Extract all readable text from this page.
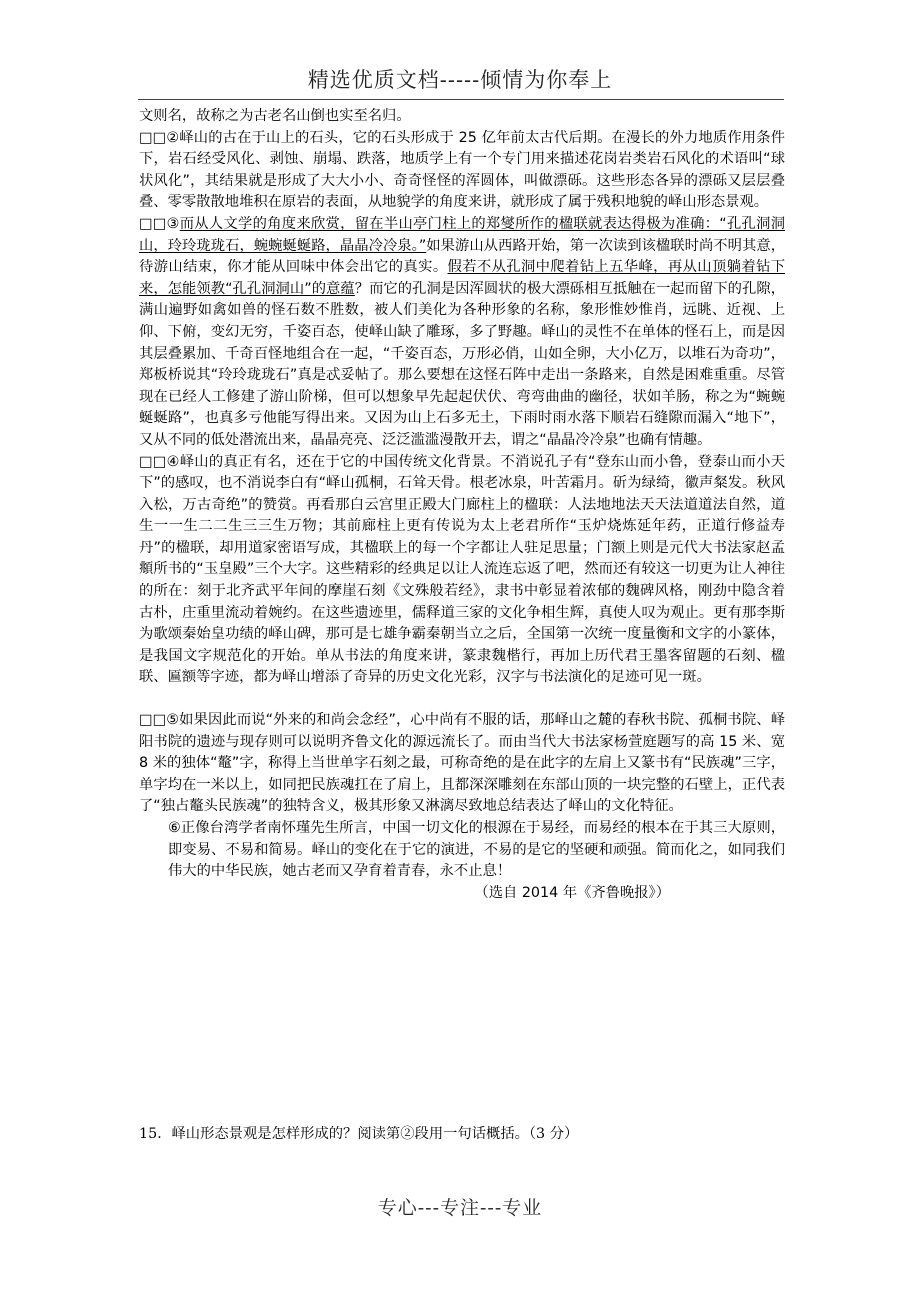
精选优质文档-----倾情为你奉上

文则名，故称之为古老名山倒也实至名归。

□□②峄山的古在于山上的石头，它的石头形成于 25 亿年前太古代后期。在漫长的外力地质作用条件下，岩石经受风化、剥蚀、崩塌、跌落，地质学上有一个专门用来描述花岗岩类岩石风化的术语叫“球状风化”，其结果就是形成了大大小小、奇奇怪怪的浑圆体，叫做漂砾。这些形态各异的漂砾又层层叠叠、零零散散地堆积在原岩的表面，从地貌学的角度来讲，就形成了属于残积地貌的峄山形态景观。

□□③而从人文学的角度来欣赏，留在半山亭门柱上的郑燮所作的楹联就表达得极为准确：“孔孔洞洞山，玲玲珑珑石，蜿蜿蜒蜒路，晶晶冷冷泉。”如果游山从西路开始，第一次读到该楹联时尚不明其意，待游山结束，你才能从回味中体会出它的真实。假若不从孔洞中爬着钻上五华峰，再从山顶躺着钻下来，怎能领教“孔孔洞洞山”的意蕴？而它的孔洞是因浑圆状的极大漂砾相互抵触在一起而留下的孔隙，满山遍野如禽如兽的怪石数不胜数，被人们美化为各种形象的名称，象形惟妙惟肖，远眺、近视、上仰、下俯，变幻无穷，千姿百态，使峄山缺了雕琢，多了野趣。峄山的灵性不在单体的怪石上，而是因其层叠累加、千奇百怪地组合在一起，“千姿百态，万形必俏，山如全卵，大小亿万，以堆石为奇功”，郑板桥说其“玲玲珑珑石”真是忒妥帖了。那么要想在这怪石阵中走出一条路来，自然是困难重重。尽管现在已经人工修建了游山阶梯，但可以想象早先起起伏伏、弯弯曲曲的幽径，状如羊肠，称之为“蜿蜿蜒蜒路”，也真多亏他能写得出来。又因为山上石多无土，下雨时雨水落下顺岩石缝隙而漏入“地下”，又从不同的低处潜流出来，晶晶亮亮、泛泛滥滥漫散开去，谓之“晶晶冷冷泉”也确有情趣。

□□④峄山的真正有名，还在于它的中国传统文化背景。不消说孔子有“登东山而小鲁，登泰山而小天下”的感叹，也不消说李白有“峄山孤桐，石耸天骨。根老冰泉，叶苦霜月。斫为绿绮，徽声粲发。秋风入松，万古奇绝”的赞赏。再看那白云宫里正殿大门廊柱上的楹联：人法地地法天天法道道法自然，道生一一生二二生三三生万物；其前廊柱上更有传说为太上老君所作“玉炉烧炼延年药，正道行修益寿丹”的楹联，却用道家密语写成，其楹联上的每一个字都让人驻足思量；门额上则是元代大书法家赵孟頫所书的“玉皇殿”三个大字。这些精彩的经典足以让人流连忘返了吧，然而还有较这一切更为让人神往的所在：刻于北齐武平年间的摩崖石刻《文殊般若经》，隶书中彰显着浓郁的魏碑风格，刚劲中隐含着古朴，庄重里流动着婉约。在这些遗迹里，儒释道三家的文化争相生辉，真使人叹为观止。更有那李斯为歌颂秦始皇功绩的峄山碑，那可是七雄争霸秦朝当立之后，全国第一次统一度量衡和文字的小篆体，是我国文字规范化的开始。单从书法的角度来讲，篆隶魏楷行，再加上历代君王墨客留题的石刻、楹联、匾额等字迹，都为峄山增添了奇异的历史文化光彩，汉字与书法演化的足迹可见一斑。

□□⑤如果因此而说“外来的和尚会念经”，心中尚有不服的话，那峄山之麓的春秋书院、孤桐书院、峄阳书院的遗迹与现存则可以说明齐鲁文化的源远流长了。而由当代大书法家杨萱庭题写的高 15 米、宽 8 米的独体“鼇”字，称得上当世单字石刻之最，可称奇绝的是在此字的左肩上又篆书有“民族魂”三字，单字均在一米以上，如同把民族魂扛在了肩上，且都深深雕刻在东部山顶的一块完整的石壁上，正代表了“独占鼇头民族魂”的独特含义，极其形象又淋漓尽致地总结表达了峄山的文化特征。

⑥正像台湾学者南怀瑾先生所言，中国一切文化的根源在于易经，而易经的根本在于其三大原则，即变易、不易和简易。峄山的变化在于它的演进，不易的是它的坚硬和顽强。简而化之，如同我们伟大的中华民族，她古老而又孕育着青春，永不止息！

（选自 2014 年《齐鲁晚报》）

15．峄山形态景观是怎样形成的？阅读第②段用一句话概括。（3 分）
专心---专注---专业
